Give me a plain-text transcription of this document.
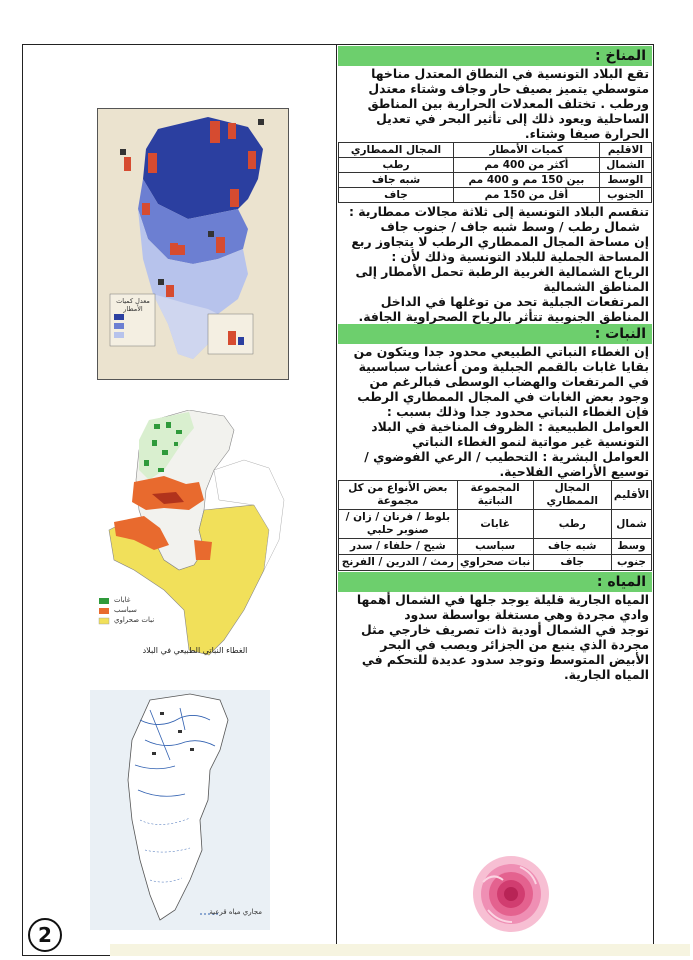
معدل كميات الأمطار
غابات
سباسب
نبات صحراوي
الغطاء النباتي الطبيعي في البلاد
مجاري مياه قرعية
2
المناخ :

تقع البلاد التونسية في النطاق المعتدل مناخها متوسطي يتميز بصيف حار وجاف وشتاء معتدل ورطب . تختلف المعدلات الحرارية بين المناطق الساحلية ويعود ذلك إلى تأثير البحر في تعديل الحرارة صيفا وشتاء.

الاقليم	كميات الأمطار	المجال الممطاري
الشمال	أكثر من 400 مم	رطب
الوسط	بين 150 مم و 400 مم	شبه جاف
الجنوب	أقل من 150 مم	جاف

تنقسم البلاد التونسية إلى ثلاثة مجالات ممطارية :

شمال رطب / وسط شبه جاف / جنوب جاف

إن مساحة المجال الممطاري الرطب لا يتجاوز ربع المساحة الجملية للبلاد التونسية وذلك لأن :

الرياح الشمالية الغربية الرطبة تحمل الأمطار إلى المناطق الشمالية

المرتفعات الجبلية تحد من توغلها في الداخل

المناطق الجنوبية تتأثر بالرياح الصحراوية الجافة.

النبات :

إن الغطاء النباتي الطبيعي محدود جدا ويتكون من بقايا غابات بالقمم الجبلية ومن أعشاب سباسبية في المرتفعات والهضاب الوسطى فبالرغم من وجود بعض الغابات في المجال الممطاري الرطب فإن الغطاء النباتي محدود جدا وذلك بسبب :

العوامل الطبيعية : الظروف المناخية في البلاد التونسية غير مواتية لنمو الغطاء النباتي

العوامل البشرية : التحطيب / الرعي الفوضوي / توسيع الأراضي الفلاحية.

الأقليم	المجال الممطاري	المجموعة النباتية	بعض الأنواع من كل مجموعة
شمال	رطب	غابات	بلوط / فرنان / زان / صنوبر حلبي
وسط	شبه جاف	سباسب	شيح / حلفاء / سدر
جنوب	جاف	نبات صحراوي	رمث / الدرين / الفرنج
المياه :

المياه الجارية قليلة يوجد جلها في الشمال أهمها وادي مجردة وهي مستغلة بواسطة سدود

توجد في الشمال أودية ذات تصريف خارجي مثل مجردة الذي ينبع من الجزائر ويصب في البحر الأبيض المتوسط وتوجد سدود عديدة للتحكم في المياه الجارية.
